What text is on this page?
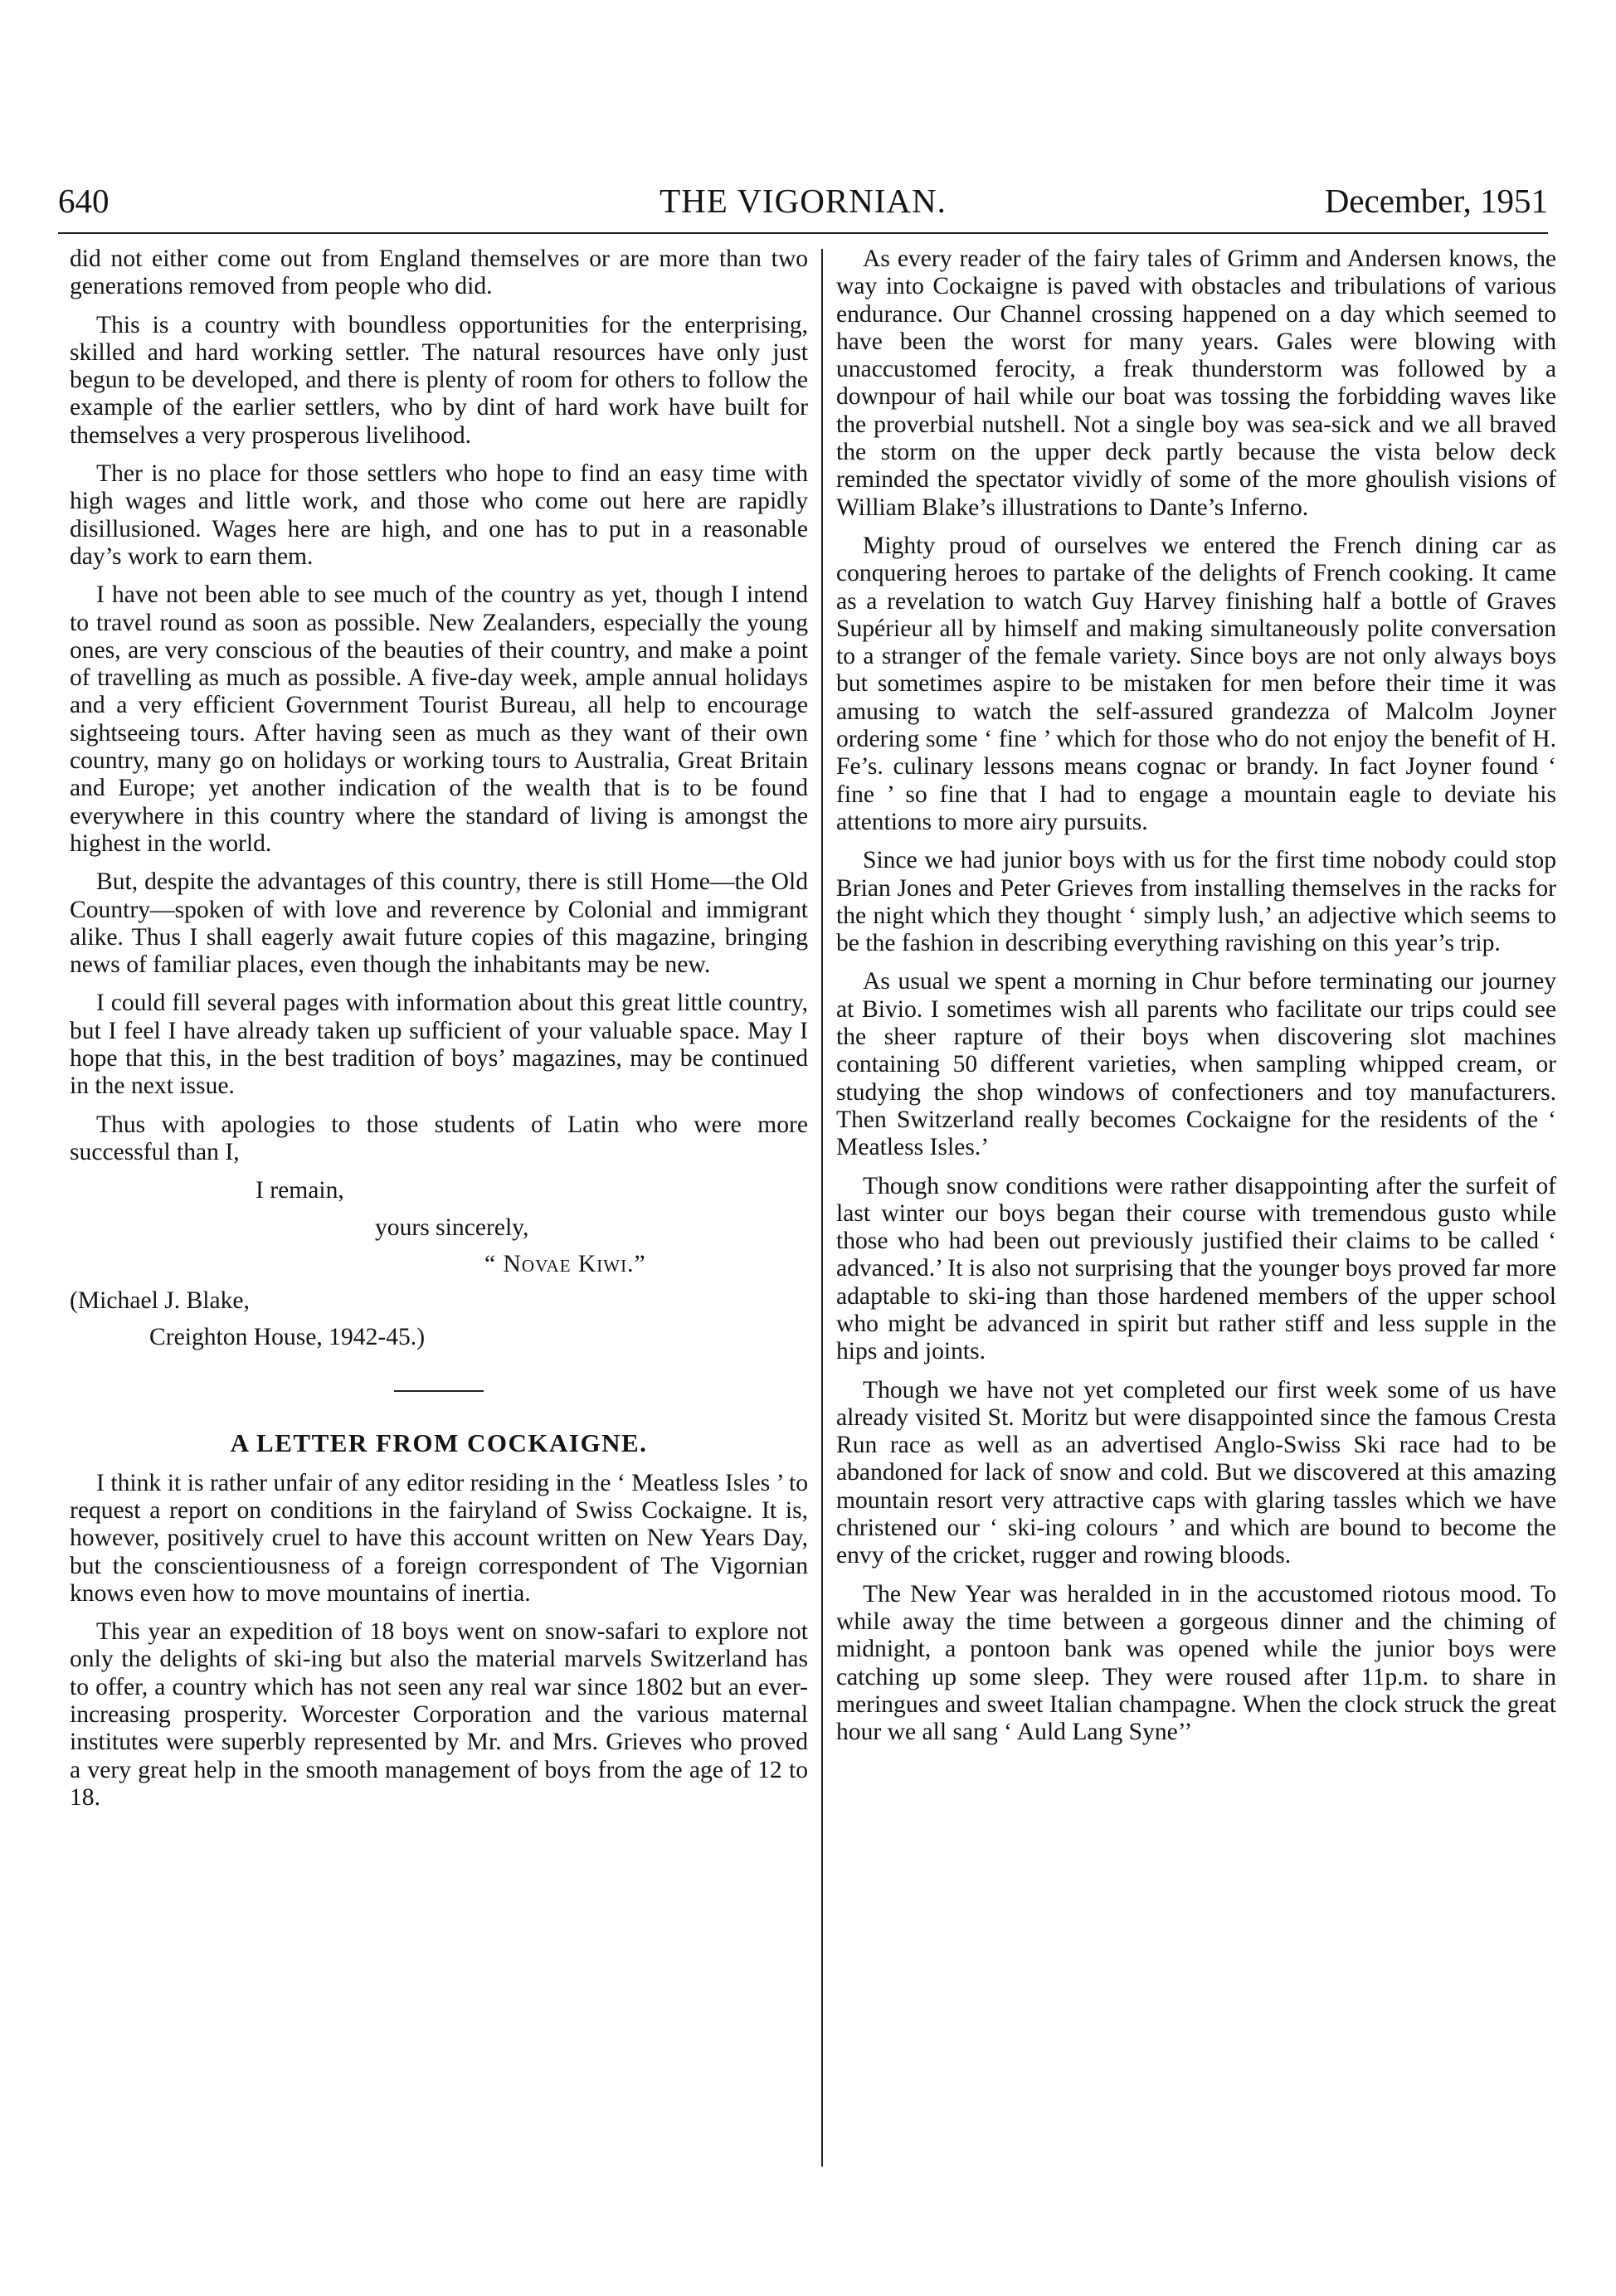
640	THE VIGORNIAN.	December, 1951

did not either come out from England themselves or are more than two generations removed from people who did.

This is a country with boundless opportunities for the enterprising, skilled and hard working settler. The natural resources have only just begun to be developed, and there is plenty of room for others to follow the example of the earlier settlers, who by dint of hard work have built for themselves a very prosperous livelihood.

Ther is no place for those settlers who hope to find an easy time with high wages and little work, and those who come out here are rapidly disillusioned. Wages here are high, and one has to put in a reasonable day’s work to earn them.

I have not been able to see much of the country as yet, though I intend to travel round as soon as possible. New Zealanders, especially the young ones, are very conscious of the beauties of their country, and make a point of travelling as much as possible. A five-day week, ample annual holidays and a very efficient Government Tourist Bureau, all help to encourage sightseeing tours. After having seen as much as they want of their own country, many go on holidays or working tours to Australia, Great Britain and Europe; yet another indication of the wealth that is to be found everywhere in this country where the standard of living is amongst the highest in the world.

But, despite the advantages of this country, there is still Home—the Old Country—spoken of with love and reverence by Colonial and immigrant alike. Thus I shall eagerly await future copies of this magazine, bringing news of familiar places, even though the inhabitants may be new.

I could fill several pages with information about this great little country, but I feel I have already taken up sufficient of your valuable space. May I hope that this, in the best tradition of boys’ magazines, may be continued in the next issue.

Thus with apologies to those students of Latin who were more successful than I,

I remain,
yours sincerely,
“ Novae Kiwi.”
(Michael J. Blake,
Creighton House, 1942-45.)
A LETTER FROM COCKAIGNE.

I think it is rather unfair of any editor residing in the ‘ Meatless Isles ’ to request a report on conditions in the fairyland of Swiss Cockaigne. It is, however, positively cruel to have this account written on New Years Day, but the conscientiousness of a foreign correspondent of The Vigornian knows even how to move mountains of inertia.

This year an expedition of 18 boys went on snow-safari to explore not only the delights of ski-ing but also the material marvels Switzerland has to offer, a country which has not seen any real war since 1802 but an ever-increasing prosperity. Worcester Corporation and the various maternal institutes were superbly represented by Mr. and Mrs. Grieves who proved a very great help in the smooth management of boys from the age of 12 to 18.

As every reader of the fairy tales of Grimm and Andersen knows, the way into Cockaigne is paved with obstacles and tribulations of various endurance. Our Channel crossing happened on a day which seemed to have been the worst for many years. Gales were blowing with unaccustomed ferocity, a freak thunderstorm was followed by a downpour of hail while our boat was tossing the forbidding waves like the proverbial nutshell. Not a single boy was sea-sick and we all braved the storm on the upper deck partly because the vista below deck reminded the spectator vividly of some of the more ghoulish visions of William Blake’s illustrations to Dante’s Inferno.

Mighty proud of ourselves we entered the French dining car as conquering heroes to partake of the delights of French cooking. It came as a revelation to watch Guy Harvey finishing half a bottle of Graves Supérieur all by himself and making simultaneously polite conversation to a stranger of the female variety. Since boys are not only always boys but sometimes aspire to be mistaken for men before their time it was amusing to watch the self-assured grandezza of Malcolm Joyner ordering some ‘ fine ’ which for those who do not enjoy the benefit of H. Fe’s. culinary lessons means cognac or brandy. In fact Joyner found ‘ fine ’ so fine that I had to engage a mountain eagle to deviate his attentions to more airy pursuits.

Since we had junior boys with us for the first time nobody could stop Brian Jones and Peter Grieves from installing themselves in the racks for the night which they thought ‘ simply lush,’ an adjective which seems to be the fashion in describing everything ravishing on this year’s trip.

As usual we spent a morning in Chur before terminating our journey at Bivio. I sometimes wish all parents who facilitate our trips could see the sheer rapture of their boys when discovering slot machines containing 50 different varieties, when sampling whipped cream, or studying the shop windows of confectioners and toy manufacturers. Then Switzerland really becomes Cockaigne for the residents of the ‘ Meatless Isles.’

Though snow conditions were rather disappointing after the surfeit of last winter our boys began their course with tremendous gusto while those who had been out previously justified their claims to be called ‘ advanced.’ It is also not surprising that the younger boys proved far more adaptable to ski-ing than those hardened members of the upper school who might be advanced in spirit but rather stiff and less supple in the hips and joints.

Though we have not yet completed our first week some of us have already visited St. Moritz but were disappointed since the famous Cresta Run race as well as an advertised Anglo-Swiss Ski race had to be abandoned for lack of snow and cold. But we discovered at this amazing mountain resort very attractive caps with glaring tassles which we have christened our ‘ ski-ing colours ’ and which are bound to become the envy of the cricket, rugger and rowing bloods.

The New Year was heralded in in the accustomed riotous mood. To while away the time between a gorgeous dinner and the chiming of midnight, a pontoon bank was opened while the junior boys were catching up some sleep. They were roused after 11p.m. to share in meringues and sweet Italian champagne. When the clock struck the great hour we all sang ‘ Auld Lang Syne’’
